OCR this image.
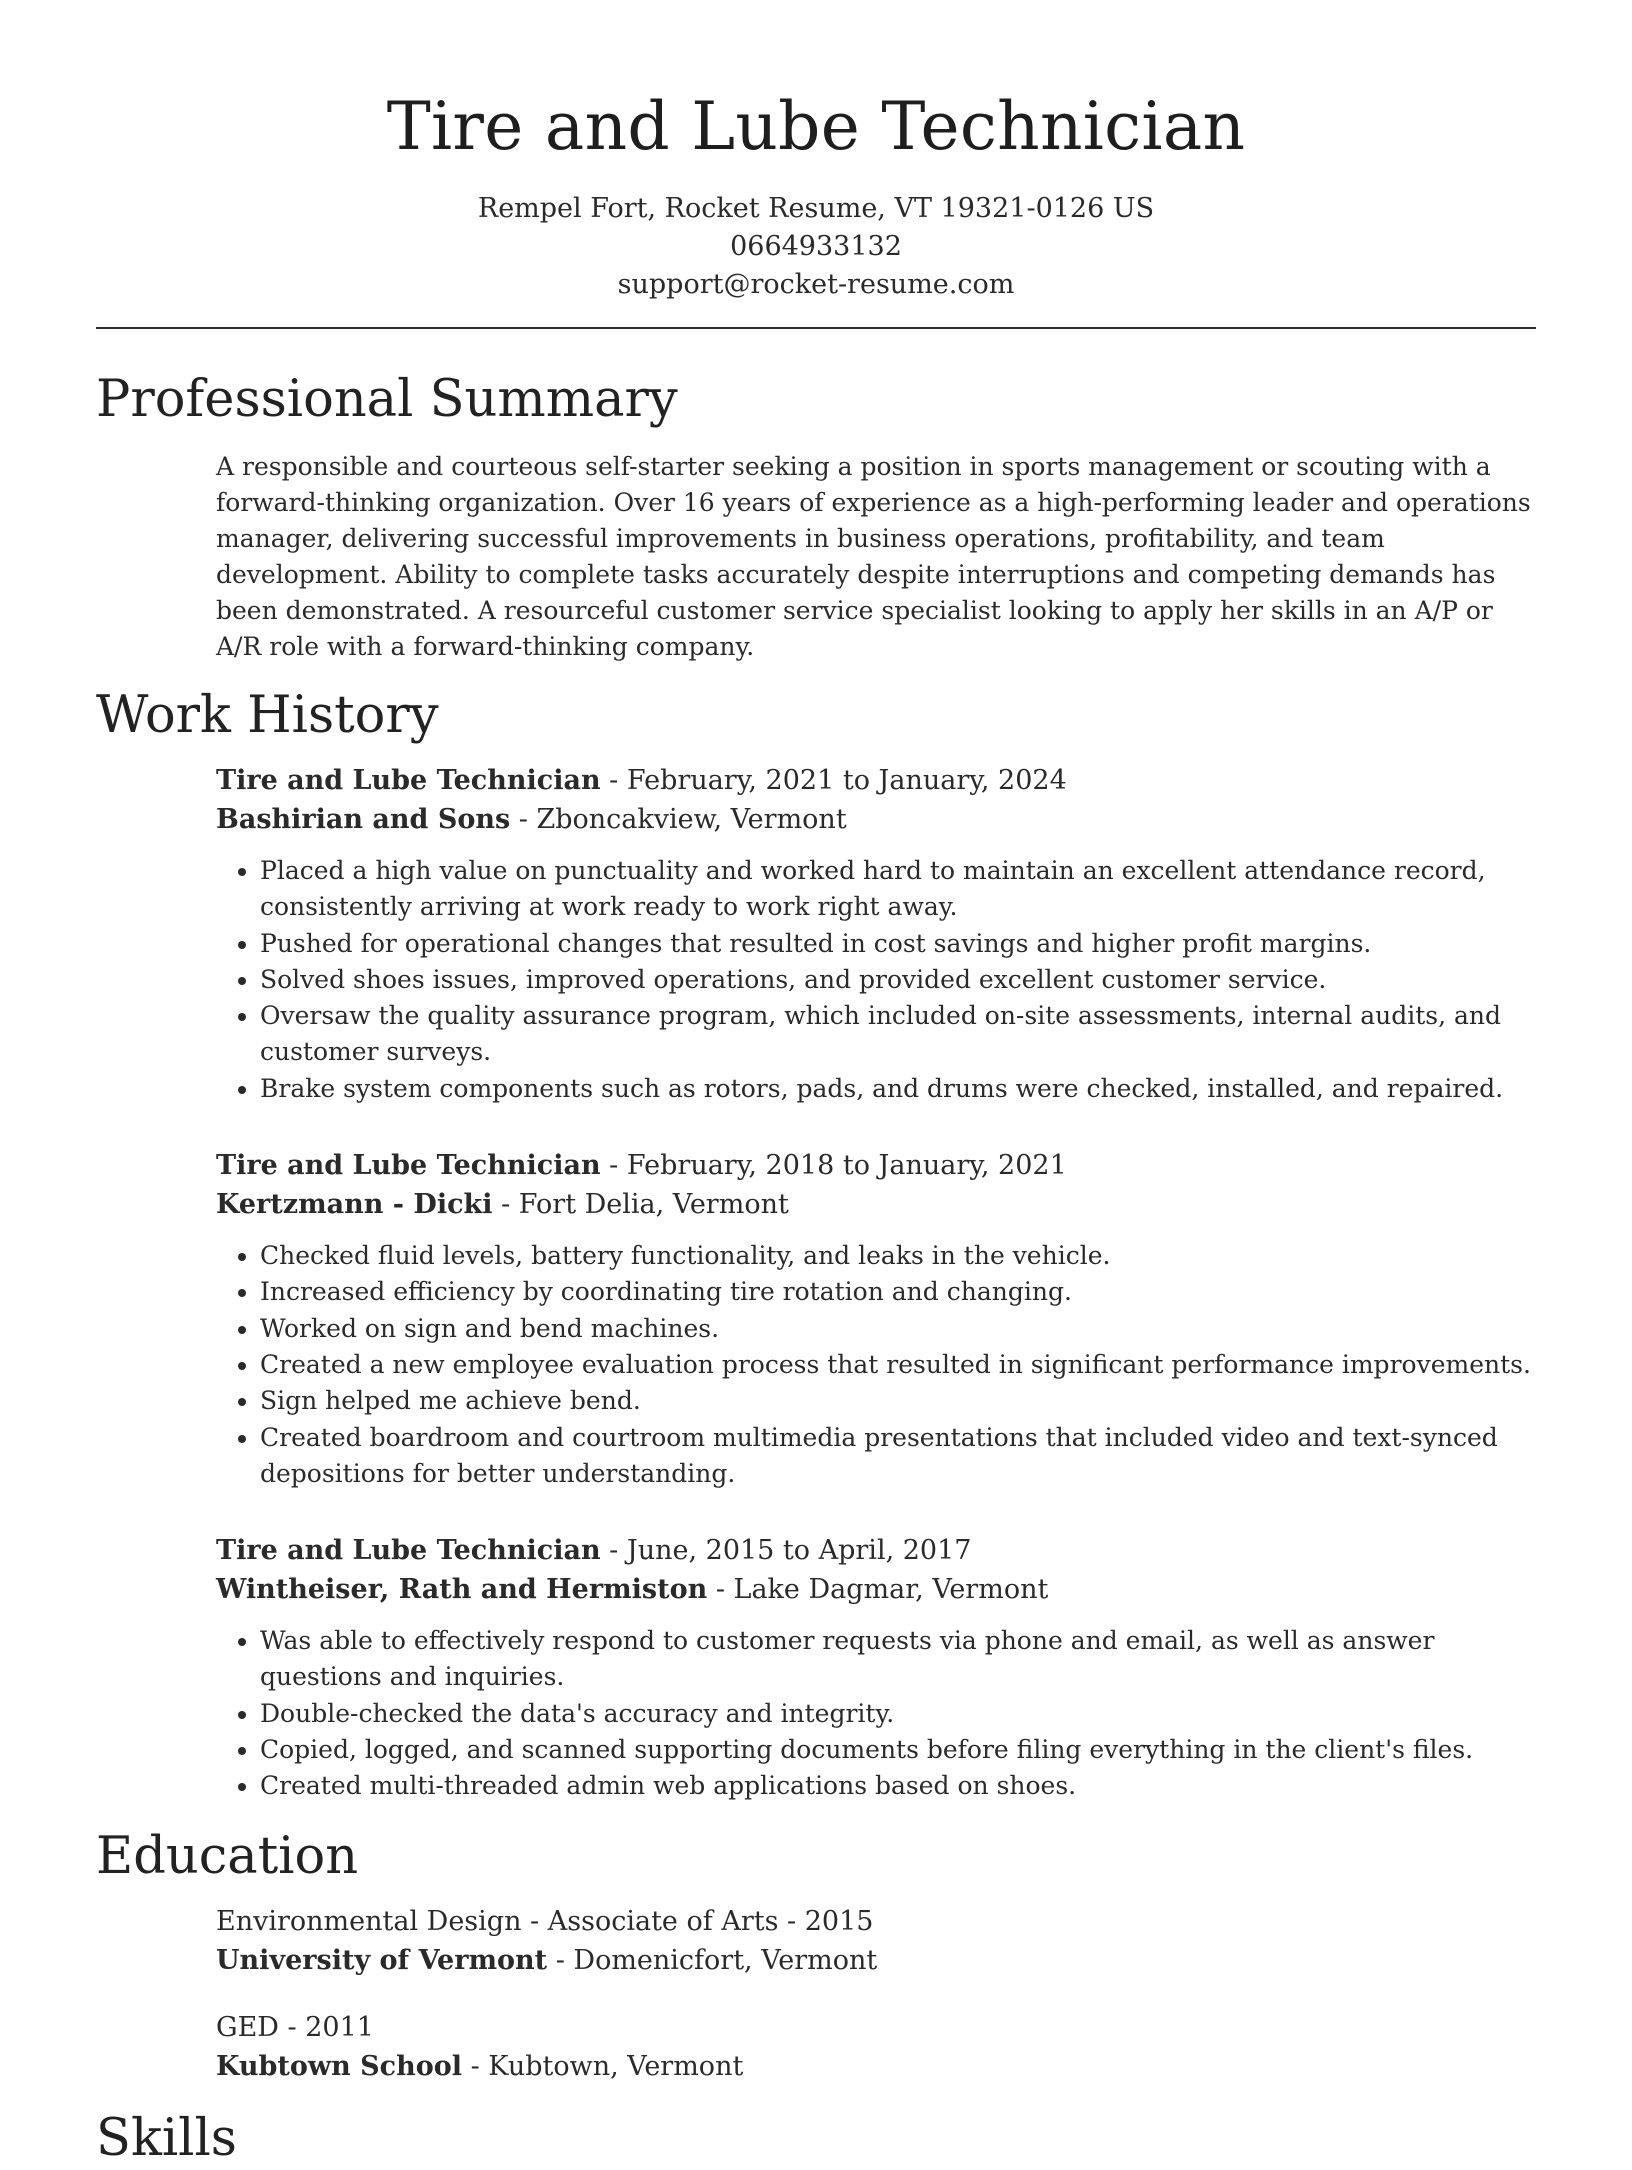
Tire and Lube Technician
Rempel Fort, Rocket Resume, VT 19321-0126 US
0664933132
support@rocket-resume.com
Professional Summary
A responsible and courteous self-starter seeking a position in sports management or scouting with a forward-thinking organization. Over 16 years of experience as a high-performing leader and operations manager, delivering successful improvements in business operations, profitability, and team development. Ability to complete tasks accurately despite interruptions and competing demands has been demonstrated. A resourceful customer service specialist looking to apply her skills in an A/P or A/R role with a forward-thinking company.
Work History
Tire and Lube Technician - February, 2021 to January, 2024
Bashirian and Sons - Zboncakview, Vermont
• Placed a high value on punctuality and worked hard to maintain an excellent attendance record, consistently arriving at work ready to work right away.
• Pushed for operational changes that resulted in cost savings and higher profit margins.
• Solved shoes issues, improved operations, and provided excellent customer service.
• Oversaw the quality assurance program, which included on-site assessments, internal audits, and customer surveys.
• Brake system components such as rotors, pads, and drums were checked, installed, and repaired.
Tire and Lube Technician - February, 2018 to January, 2021
Kertzmann - Dicki - Fort Delia, Vermont
• Checked fluid levels, battery functionality, and leaks in the vehicle.
• Increased efficiency by coordinating tire rotation and changing.
• Worked on sign and bend machines.
• Created a new employee evaluation process that resulted in significant performance improvements.
• Sign helped me achieve bend.
• Created boardroom and courtroom multimedia presentations that included video and text-synced depositions for better understanding.
Tire and Lube Technician - June, 2015 to April, 2017
Wintheiser, Rath and Hermiston - Lake Dagmar, Vermont
• Was able to effectively respond to customer requests via phone and email, as well as answer questions and inquiries.
• Double-checked the data's accuracy and integrity.
• Copied, logged, and scanned supporting documents before filing everything in the client's files.
• Created multi-threaded admin web applications based on shoes.
Education
Environmental Design - Associate of Arts - 2015
University of Vermont - Domenicfort, Vermont
GED - 2011
Kubtown School - Kubtown, Vermont
Skills
